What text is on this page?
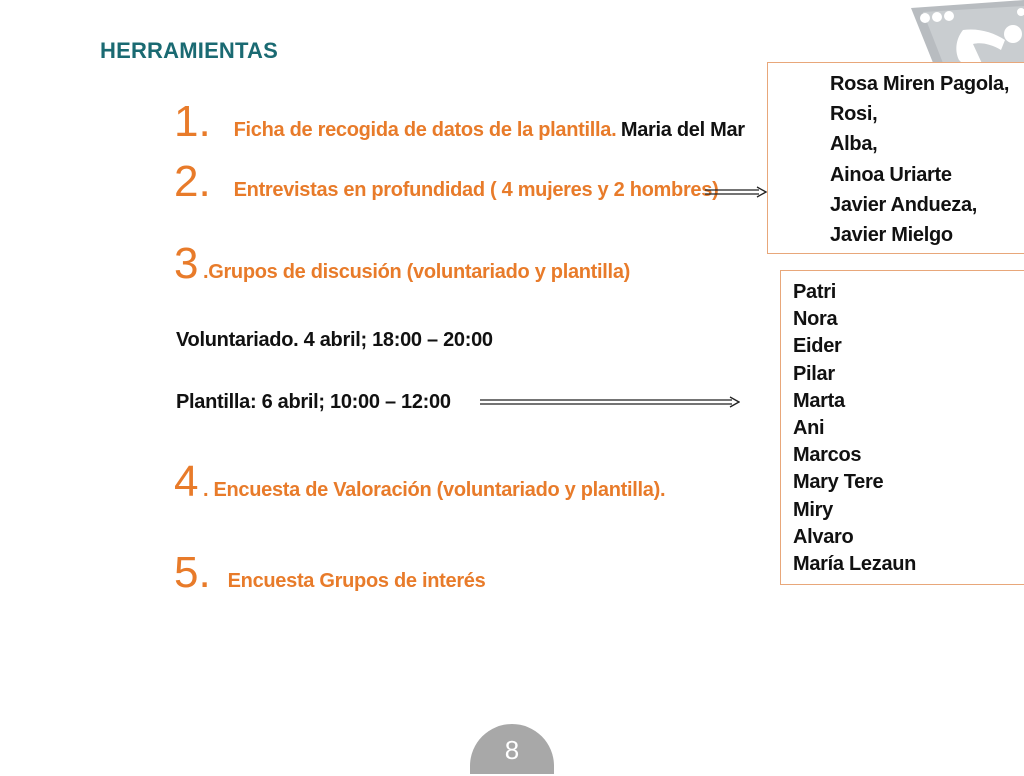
HERRAMIENTAS
1. Ficha de recogida de datos de la plantilla. Maria del Mar
2. Entrevistas en profundidad ( 4 mujeres y 2 hombres)
3 .Grupos de discusión (voluntariado y plantilla)
Voluntariado. 4 abril; 18:00 – 20:00
Plantilla: 6 abril; 10:00 – 12:00
4 . Encuesta de Valoración (voluntariado y plantilla).
5. Encuesta Grupos de interés
Rosa Miren Pagola,
Rosi,
Alba,
Ainoa Uriarte
Javier Andueza,
Javier Mielgo
Patri
Nora
Eider
Pilar
Marta
Ani
Marcos
Mary Tere
Miry
Alvaro
María Lezaun
8
